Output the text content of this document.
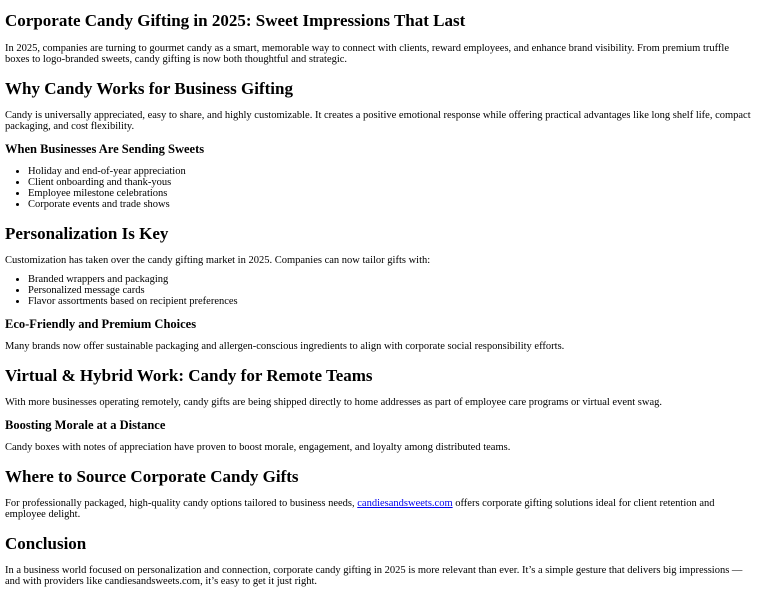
Corporate Candy Gifting in 2025: Sweet Impressions That Last

In 2025, companies are turning to gourmet candy as a smart, memorable way to connect with clients, reward employees, and enhance brand visibility. From premium truffle boxes to logo-branded sweets, candy gifting is now both thoughtful and strategic.

Why Candy Works for Business Gifting

Candy is universally appreciated, easy to share, and highly customizable. It creates a positive emotional response while offering practical advantages like long shelf life, compact packaging, and cost flexibility.

When Businesses Are Sending Sweets
• Holiday and end-of-year appreciation
• Client onboarding and thank-yous
• Employee milestone celebrations
• Corporate events and trade shows
Personalization Is Key

Customization has taken over the candy gifting market in 2025. Companies can now tailor gifts with:

• Branded wrappers and packaging
• Personalized message cards
• Flavor assortments based on recipient preferences
Eco-Friendly and Premium Choices

Many brands now offer sustainable packaging and allergen-conscious ingredients to align with corporate social responsibility efforts.

Virtual & Hybrid Work: Candy for Remote Teams

With more businesses operating remotely, candy gifts are being shipped directly to home addresses as part of employee care programs or virtual event swag.

Boosting Morale at a Distance

Candy boxes with notes of appreciation have proven to boost morale, engagement, and loyalty among distributed teams.

Where to Source Corporate Candy Gifts

For professionally packaged, high-quality candy options tailored to business needs, candiesandsweets.com offers corporate gifting solutions ideal for client retention and employee delight.

Conclusion

In a business world focused on personalization and connection, corporate candy gifting in 2025 is more relevant than ever. It’s a simple gesture that delivers big impressions — and with providers like candiesandsweets.com, it’s easy to get it just right.
